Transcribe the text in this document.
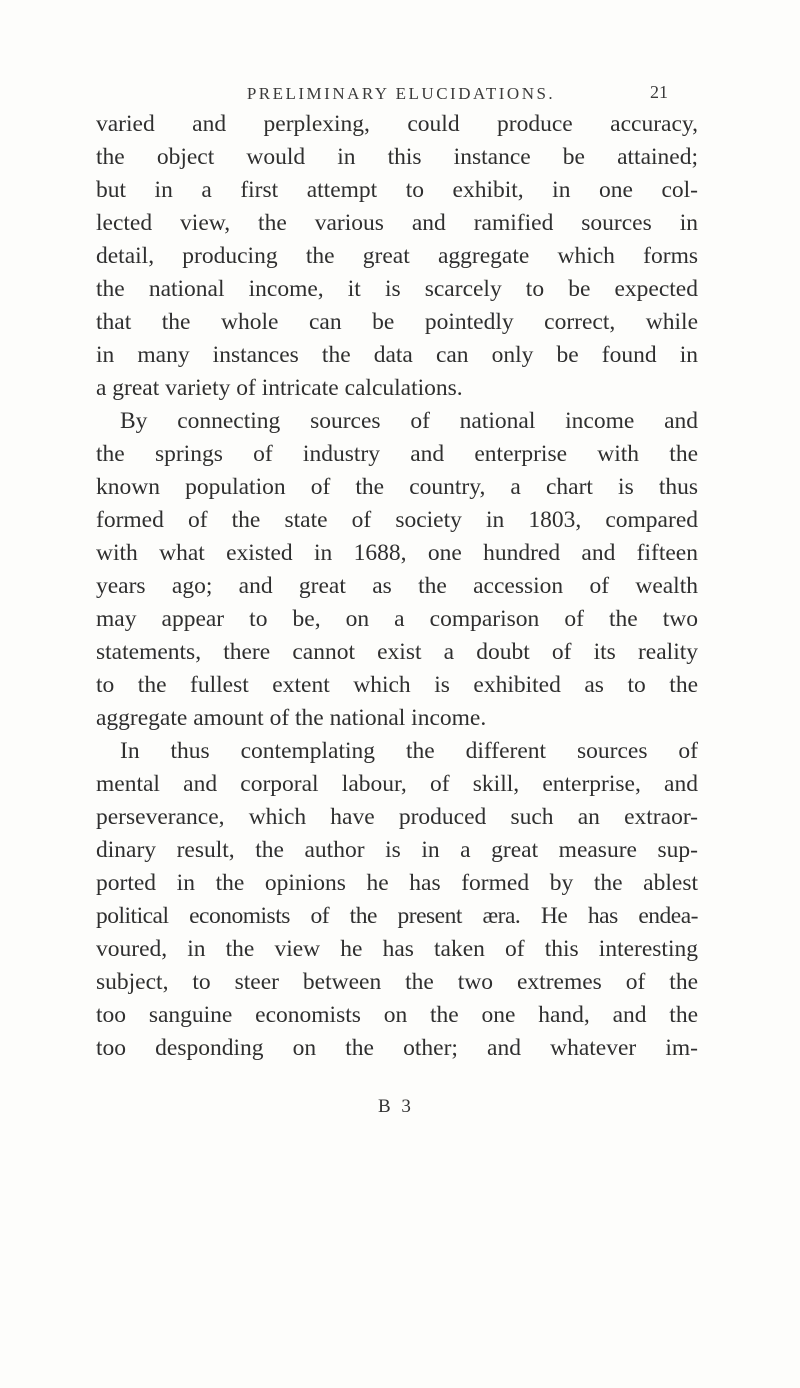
PRELIMINARY ELUCIDATIONS.	21
varied and perplexing, could produce accuracy,
the object would in this instance be attained;
but in a first attempt to exhibit, in one col-
lected view, the various and ramified sources in
detail, producing the great aggregate which forms
the national income, it is scarcely to be expected
that the whole can be pointedly correct, while
in many instances the data can only be found in
a great variety of intricate calculations.
By connecting sources of national income and
the springs of industry and enterprise with the
known population of the country, a chart is thus
formed of the state of society in 1803, compared
with what existed in 1688, one hundred and fifteen
years ago; and great as the accession of wealth
may appear to be, on a comparison of the two
statements, there cannot exist a doubt of its reality
to the fullest extent which is exhibited as to the
aggregate amount of the national income.
In thus contemplating the different sources of
mental and corporal labour, of skill, enterprise, and
perseverance, which have produced such an extraor-
dinary result, the author is in a great measure sup-
ported in the opinions he has formed by the ablest
political economists of the present æra. He has endea-
voured, in the view he has taken of this interesting
subject, to steer between the two extremes of the
too sanguine economists on the one hand, and the
too desponding on the other; and whatever im-
B 3
